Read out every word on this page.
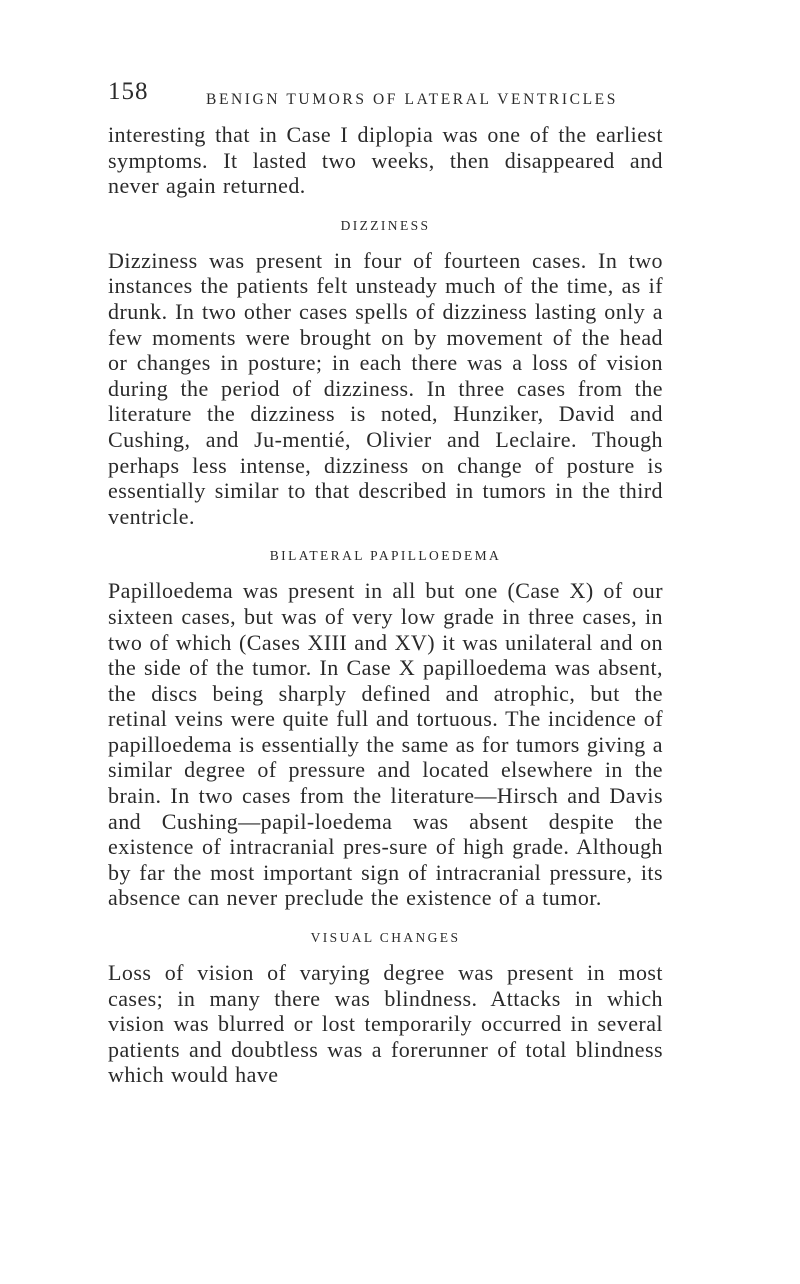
158	BENIGN TUMORS OF LATERAL VENTRICLES

interesting that in Case I diplopia was one of the earliest symptoms. It lasted two weeks, then disappeared and never again returned.

DIZZINESS

Dizziness was present in four of fourteen cases. In two instances the patients felt unsteady much of the time, as if drunk. In two other cases spells of dizziness lasting only a few moments were brought on by movement of the head or changes in posture; in each there was a loss of vision during the period of dizziness. In three cases from the literature the dizziness is noted, Hunziker, David and Cushing, and Ju-mentié, Olivier and Leclaire. Though perhaps less intense, dizziness on change of posture is essentially similar to that described in tumors in the third ventricle.

BILATERAL PAPILLOEDEMA

Papilloedema was present in all but one (Case X) of our sixteen cases, but was of very low grade in three cases, in two of which (Cases XIII and XV) it was unilateral and on the side of the tumor. In Case X papilloedema was absent, the discs being sharply defined and atrophic, but the retinal veins were quite full and tortuous. The incidence of papilloedema is essentially the same as for tumors giving a similar degree of pressure and located elsewhere in the brain. In two cases from the literature—Hirsch and Davis and Cushing—papil-loedema was absent despite the existence of intracranial pres-sure of high grade. Although by far the most important sign of intracranial pressure, its absence can never preclude the existence of a tumor.

VISUAL CHANGES

Loss of vision of varying degree was present in most cases; in many there was blindness. Attacks in which vision was blurred or lost temporarily occurred in several patients and doubtless was a forerunner of total blindness which would have
